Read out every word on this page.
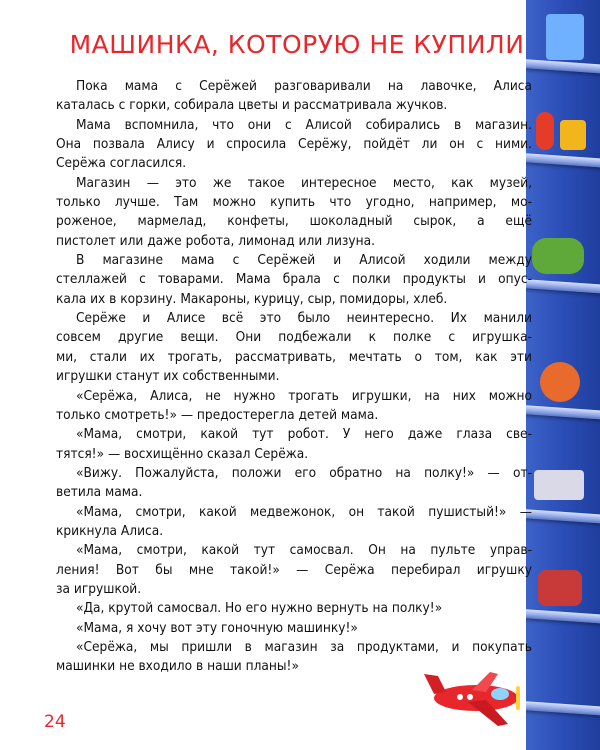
МАШИНКА, КОТОРУЮ НЕ КУПИЛИ
Пока мама с Серёжей разговаривали на лавочке, Алиса
каталась с горки, собирала цветы и рассматривала жучков.
Мама вспомнила, что они с Алисой собирались в магазин.
Она позвала Алису и спросила Серёжу, пойдёт ли он с ними.
Серёжа согласился.
Магазин — это же такое интересное место, как музей,
только лучше. Там можно купить что угодно, например, мо-
роженое, мармелад, конфеты, шоколадный сырок, а ещё
пистолет или даже робота, лимонад или лизуна.
В магазине мама с Серёжей и Алисой ходили между
стеллажей с товарами. Мама брала с полки продукты и опус-
кала их в корзину. Макароны, курицу, сыр, помидоры, хлеб.
Серёже и Алисе всё это было неинтересно. Их манили
совсем другие вещи. Они подбежали к полке с игрушка-
ми, стали их трогать, рассматривать, мечтать о том, как эти
игрушки станут их собственными.
«Серёжа, Алиса, не нужно трогать игрушки, на них можно
только смотреть!» — предостерегла детей мама.
«Мама, смотри, какой тут робот. У него даже глаза све-
тятся!» — восхищённо сказал Серёжа.
«Вижу. Пожалуйста, положи его обратно на полку!» — от-
ветила мама.
«Мама, смотри, какой медвежонок, он такой пушистый!» —
крикнула Алиса.
«Мама, смотри, какой тут самосвал. Он на пульте управ-
ления! Вот бы мне такой!» — Серёжа перебирал игрушку
за игрушкой.
«Да, крутой самосвал. Но его нужно вернуть на полку!»
«Мама, я хочу вот эту гоночную машинку!»
«Серёжа, мы пришли в магазин за продуктами, и покупать
машинки не входило в наши планы!»
24
